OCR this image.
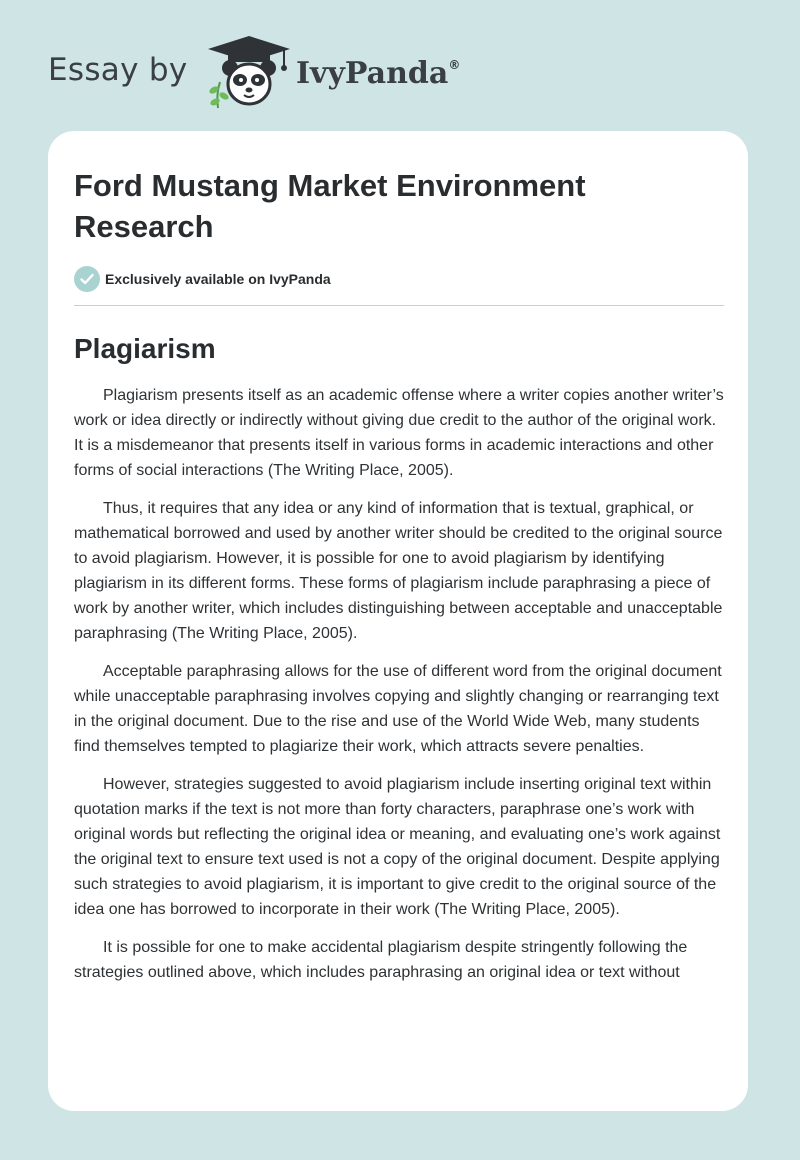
Essay by	IvyPanda®
Ford Mustang Market Environment Research
Exclusively available on IvyPanda
Plagiarism

Plagiarism presents itself as an academic offense where a writer copies another writer’s work or idea directly or indirectly without giving due credit to the author of the original work. It is a misdemeanor that presents itself in various forms in academic interactions and other forms of social interactions (The Writing Place, 2005).

Thus, it requires that any idea or any kind of information that is textual, graphical, or mathematical borrowed and used by another writer should be credited to the original source to avoid plagiarism. However, it is possible for one to avoid plagiarism by identifying plagiarism in its different forms. These forms of plagiarism include paraphrasing a piece of work by another writer, which includes distinguishing between acceptable and unacceptable paraphrasing (The Writing Place, 2005).

Acceptable paraphrasing allows for the use of different word from the original document while unacceptable paraphrasing involves copying and slightly changing or rearranging text in the original document. Due to the rise and use of the World Wide Web, many students find themselves tempted to plagiarize their work, which attracts severe penalties.

However, strategies suggested to avoid plagiarism include inserting original text within quotation marks if the text is not more than forty characters, paraphrase one’s work with original words but reflecting the original idea or meaning, and evaluating one’s work against the original text to ensure text used is not a copy of the original document. Despite applying such strategies to avoid plagiarism, it is important to give credit to the original source of the idea one has borrowed to incorporate in their work (The Writing Place, 2005).

It is possible for one to make accidental plagiarism despite stringently following the strategies outlined above, which includes paraphrasing an original idea or text without
